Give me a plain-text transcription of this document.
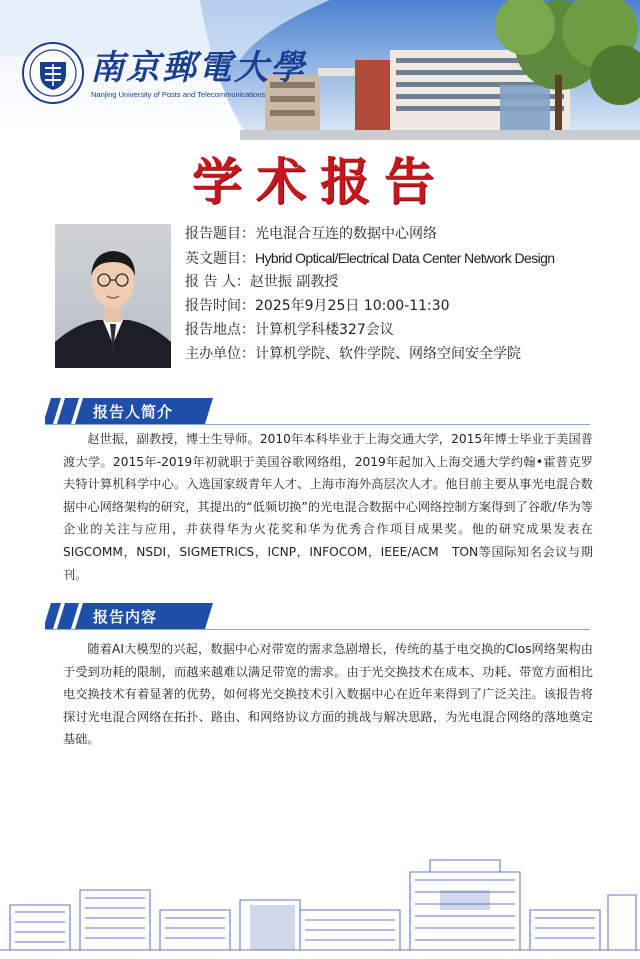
南京郵電大學
Nanjing University of Posts and Telecommunications
学术报告
报告题目：光电混合互连的数据中心网络
英文题目：Hybrid Optical/Electrical Data Center Network Design
报 告 人：赵世振 副教授
报告时间：2025年9月25日 10:00-11:30
报告地点：计算机学科楼327会议
主办单位：计算机学院、软件学院、网络空间安全学院
报告人简介
赵世振，副教授，博士生导师。2010年本科毕业于上海交通大学，2015年博士毕业于美国普渡大学。2015年-2019年初就职于美国谷歌网络组，2019年起加入上海交通大学约翰•霍普克罗夫特计算机科学中心。入选国家级青年人才、上海市海外高层次人才。他目前主要从事光电混合数据中心网络架构的研究，其提出的“低频切换”的光电混合数据中心网络控制方案得到了谷歌/华为等企业的关注与应用，并获得华为火花奖和华为优秀合作项目成果奖。他的研究成果发表在SIGCOMM，NSDI，SIGMETRICS，ICNP，INFOCOM，IEEE/ACM　TON等国际知名会议与期刊。
报告内容
随着AI大模型的兴起，数据中心对带宽的需求急剧增长，传统的基于电交换的Clos网络架构由于受到功耗的限制，而越来越难以满足带宽的需求。由于光交换技术在成本、功耗、带宽方面相比电交换技术有着显著的优势，如何将光交换技术引入数据中心在近年来得到了广泛关注。该报告将探讨光电混合网络在拓扑、路由、和网络协议方面的挑战与解决思路，为光电混合网络的落地奠定基础。
